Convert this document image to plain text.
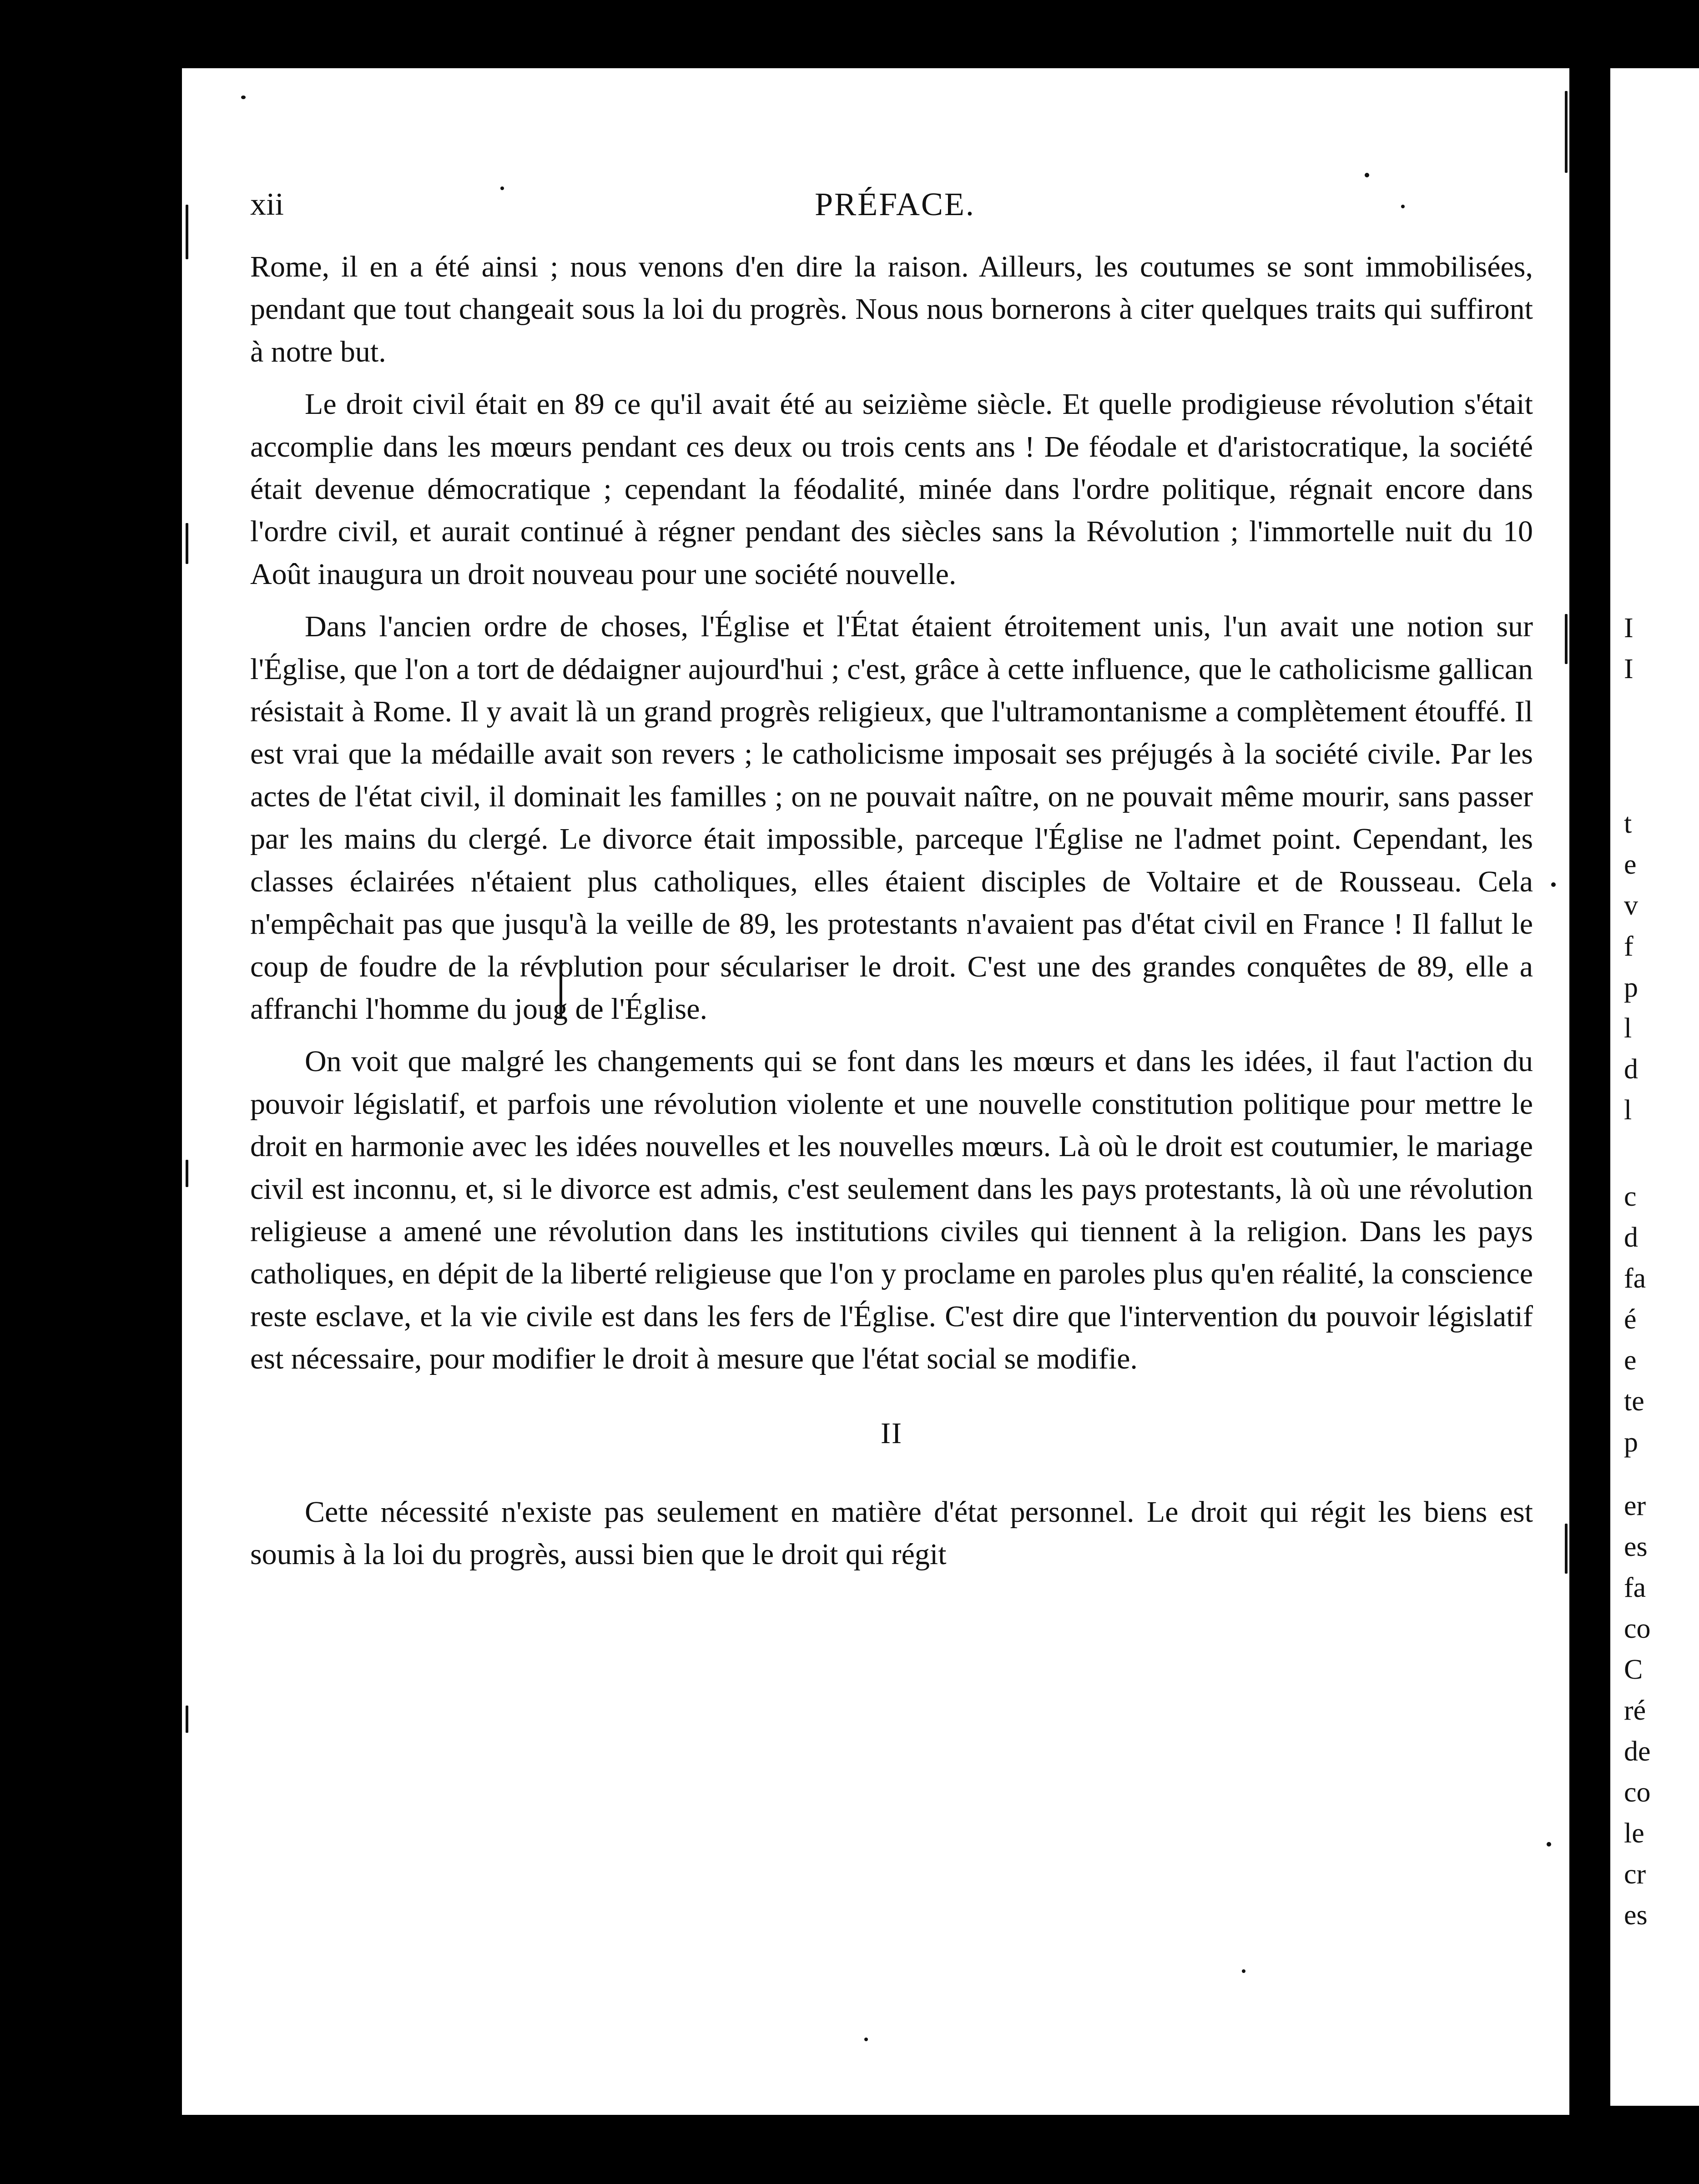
I
I
t
e
v
f
p
l
d
l
c
d
fa
é
e
te
p
er
es
fa
co
C
ré
de
co
le
cr
es
xii	PRÉFACE.

Rome, il en a été ainsi ; nous venons d'en dire la raison. Ailleurs, les coutumes se sont immobilisées, pendant que tout changeait sous la loi du progrès. Nous nous bornerons à citer quelques traits qui suffiront à notre but.

Le droit civil était en 89 ce qu'il avait été au seizième siècle. Et quelle prodigieuse révolution s'était accomplie dans les mœurs pendant ces deux ou trois cents ans ! De féodale et d'aristocratique, la société était devenue démocratique ; cependant la féodalité, minée dans l'ordre politique, régnait encore dans l'ordre civil, et aurait continué à régner pendant des siècles sans la Révolution ; l'immortelle nuit du 10 Août inaugura un droit nouveau pour une société nouvelle.

Dans l'ancien ordre de choses, l'Église et l'État étaient étroitement unis, l'un avait une notion sur l'Église, que l'on a tort de dédaigner aujourd'hui ; c'est, grâce à cette influence, que le catholicisme gallican résistait à Rome. Il y avait là un grand progrès religieux, que l'ultramontanisme a complètement étouffé. Il est vrai que la médaille avait son revers ; le catholicisme imposait ses préjugés à la société civile. Par les actes de l'état civil, il dominait les familles ; on ne pouvait naître, on ne pouvait même mourir, sans passer par les mains du clergé. Le divorce était impossible, parceque l'Église ne l'admet point. Cependant, les classes éclairées n'étaient plus catholiques, elles étaient disciples de Voltaire et de Rousseau. Cela n'empêchait pas que jusqu'à la veille de 89, les protestants n'avaient pas d'état civil en France ! Il fallut le coup de foudre de la révolution pour séculariser le droit. C'est une des grandes conquêtes de 89, elle a affranchi l'homme du joug de l'Église.

On voit que malgré les changements qui se font dans les mœurs et dans les idées, il faut l'action du pouvoir législatif, et parfois une révolution violente et une nouvelle constitution politique pour mettre le droit en harmonie avec les idées nouvelles et les nouvelles mœurs. Là où le droit est coutumier, le mariage civil est inconnu, et, si le divorce est admis, c'est seulement dans les pays protestants, là où une révolution religieuse a amené une révolution dans les institutions civiles qui tiennent à la religion. Dans les pays catholiques, en dépit de la liberté religieuse que l'on y proclame en paroles plus qu'en réalité, la conscience reste esclave, et la vie civile est dans les fers de l'Église. C'est dire que l'intervention du pouvoir législatif est nécessaire, pour modifier le droit à mesure que l'état social se modifie.

II

Cette nécessité n'existe pas seulement en matière d'état personnel. Le droit qui régit les biens est soumis à la loi du progrès, aussi bien que le droit qui régit
